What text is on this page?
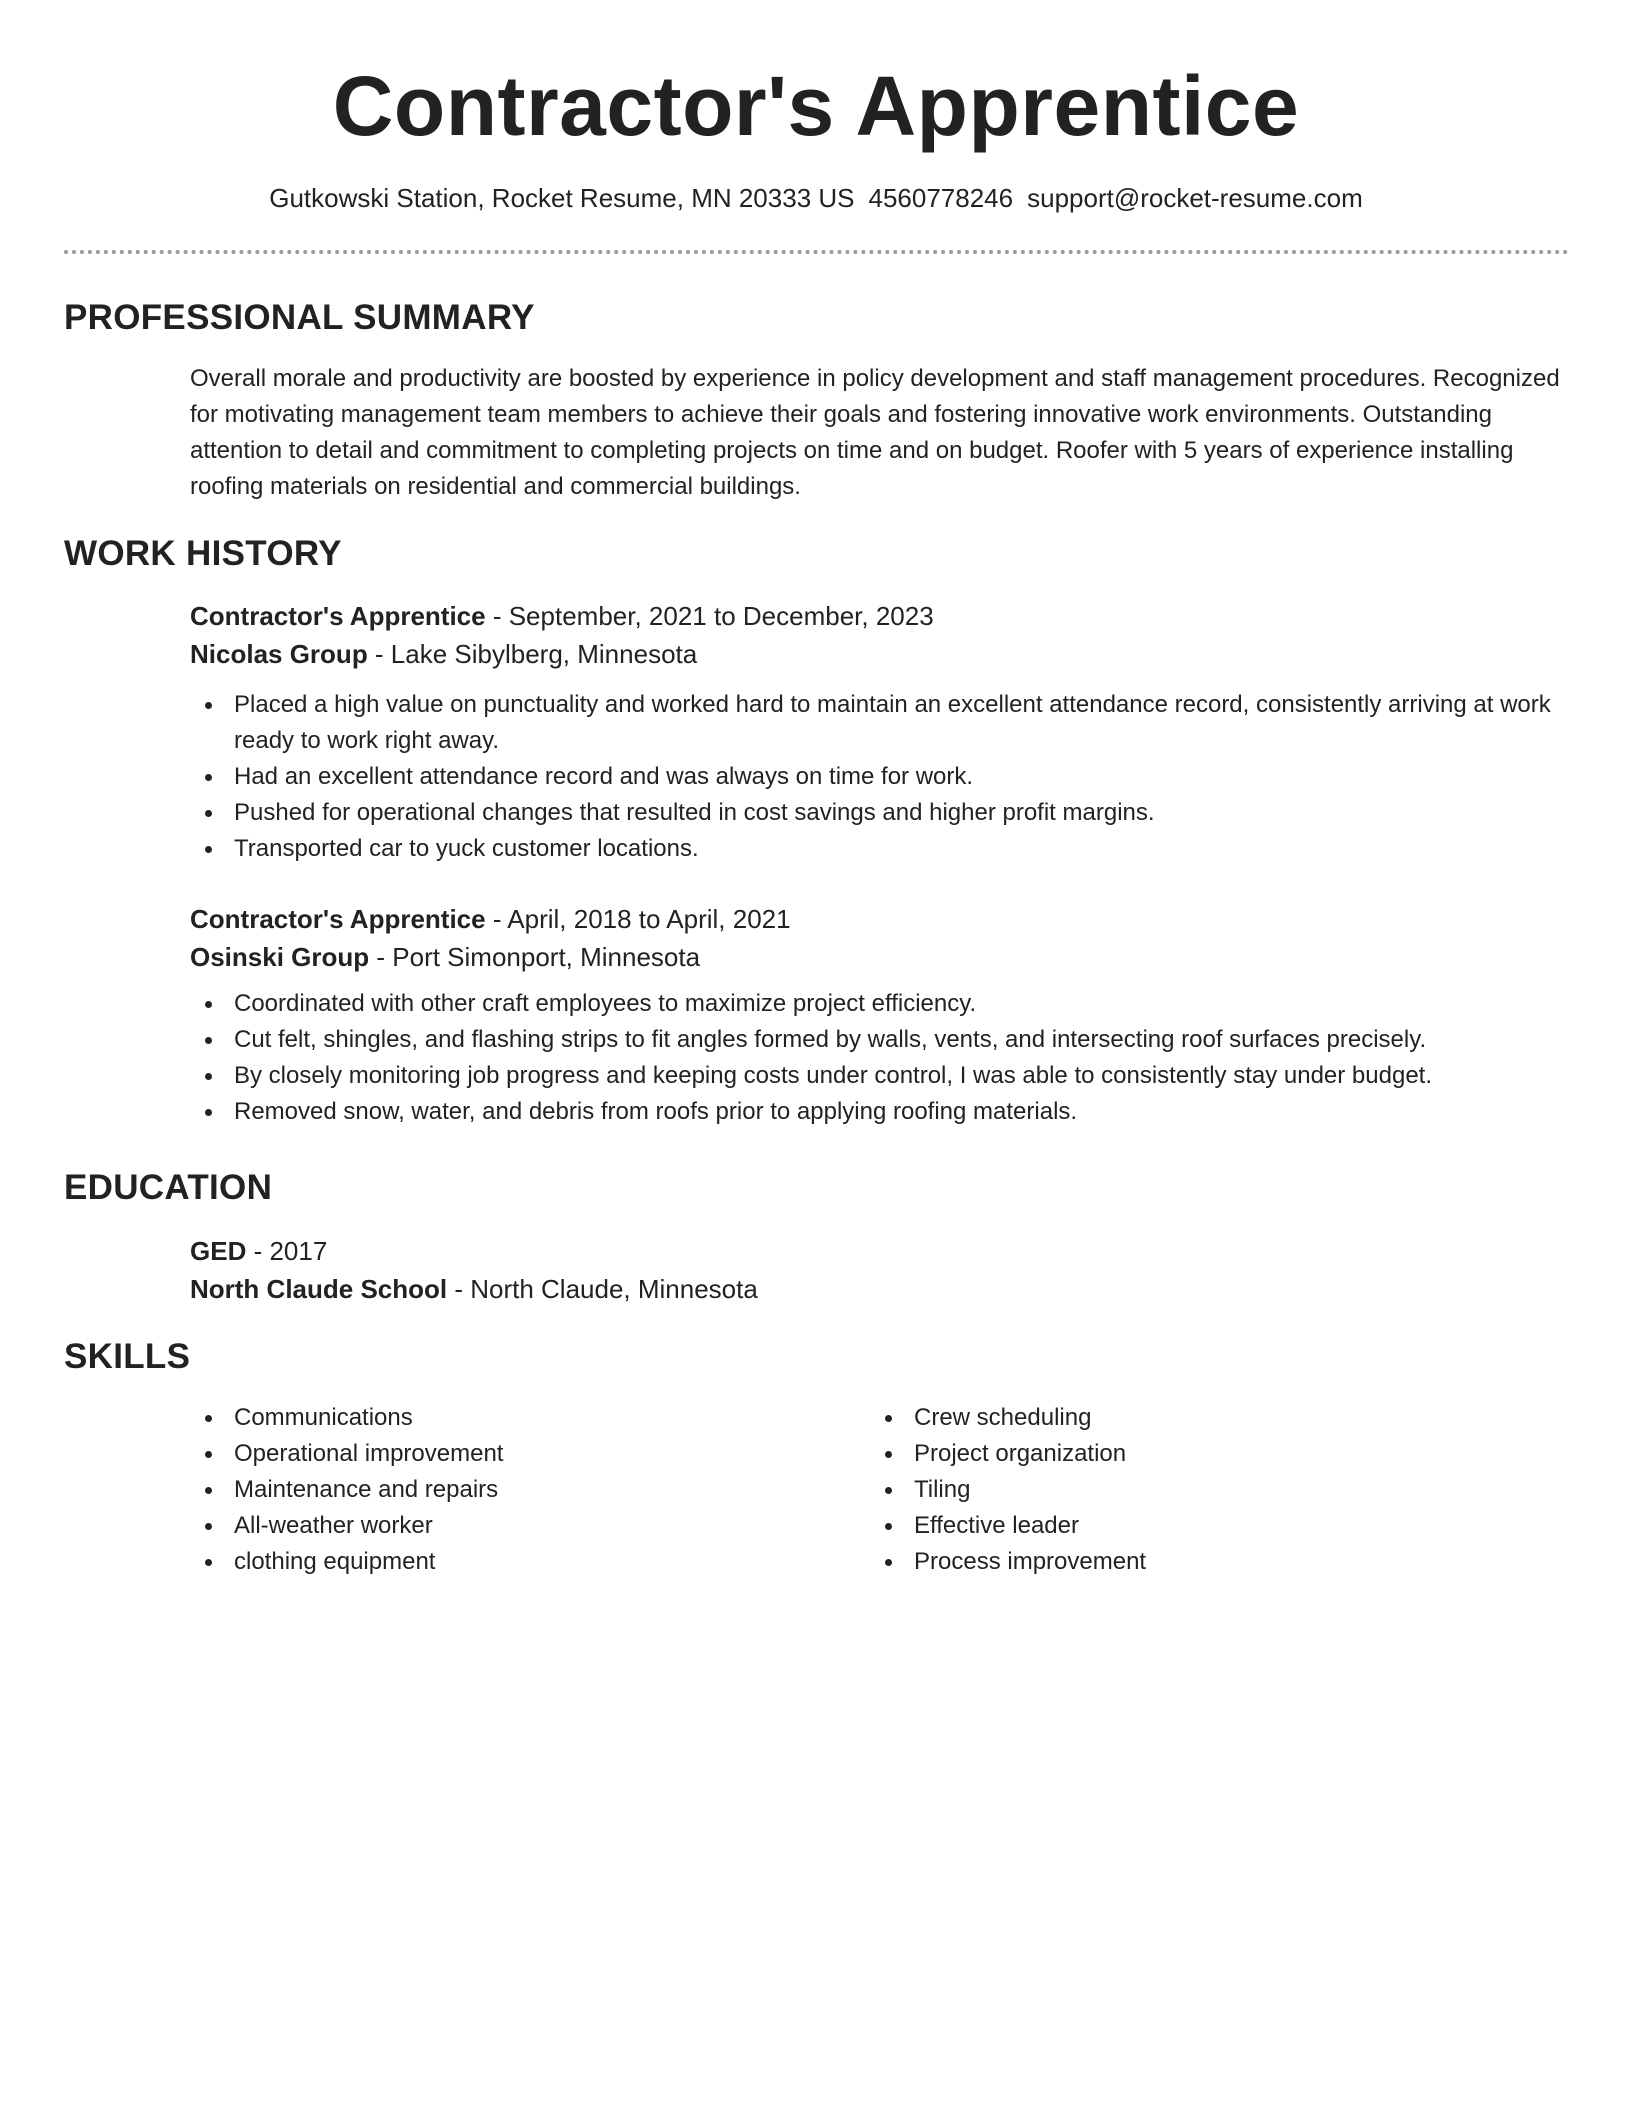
Contractor's Apprentice
Gutkowski Station, Rocket Resume, MN 20333 US 4560778246 support@rocket-resume.com
PROFESSIONAL SUMMARY
Overall morale and productivity are boosted by experience in policy development and staff management procedures. Recognized for motivating management team members to achieve their goals and fostering innovative work environments. Outstanding attention to detail and commitment to completing projects on time and on budget. Roofer with 5 years of experience installing roofing materials on residential and commercial buildings.
WORK HISTORY
Contractor's Apprentice - September, 2021 to December, 2023
Nicolas Group - Lake Sibylberg, Minnesota
Placed a high value on punctuality and worked hard to maintain an excellent attendance record, consistently arriving at work ready to work right away.
Had an excellent attendance record and was always on time for work.
Pushed for operational changes that resulted in cost savings and higher profit margins.
Transported car to yuck customer locations.
Contractor's Apprentice - April, 2018 to April, 2021
Osinski Group - Port Simonport, Minnesota
Coordinated with other craft employees to maximize project efficiency.
Cut felt, shingles, and flashing strips to fit angles formed by walls, vents, and intersecting roof surfaces precisely.
By closely monitoring job progress and keeping costs under control, I was able to consistently stay under budget.
Removed snow, water, and debris from roofs prior to applying roofing materials.
EDUCATION
GED - 2017
North Claude School - North Claude, Minnesota
SKILLS
Communications
Operational improvement
Maintenance and repairs
All-weather worker
clothing equipment
Crew scheduling
Project organization
Tiling
Effective leader
Process improvement
